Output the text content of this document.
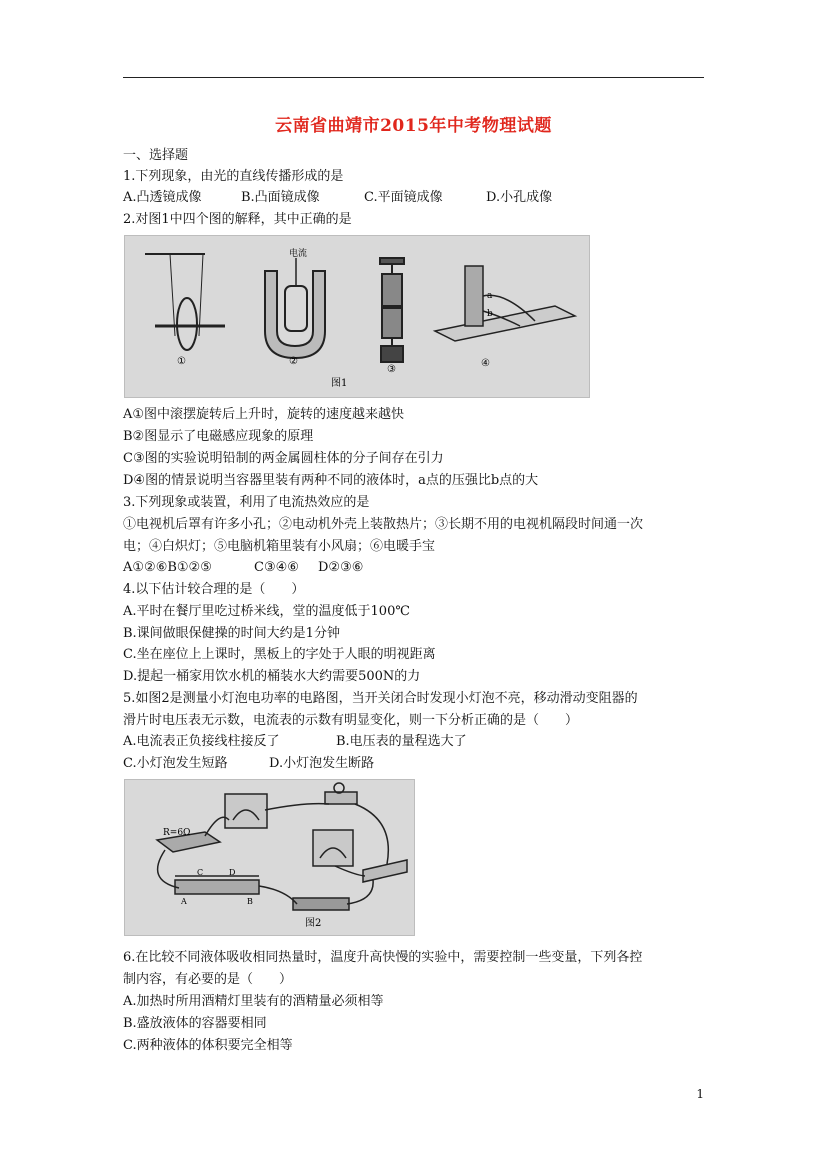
云南省曲靖市2015年中考物理试题
一、选择题
1.下列现象，由光的直线传播形成的是
A.凸透镜成像	B.凸面镜成像	C.平面镜成像	D.小孔成像
2.对图1中四个图的解释，其中正确的是
电流
a
b
①	②
③
④
图1
A①图中滚摆旋转后上升时，旋转的速度越来越快
B②图显示了电磁感应现象的原理
C③图的实验说明铅制的两金属圆柱体的分子间存在引力
D④图的情景说明当容器里装有两种不同的液体时，a点的压强比b点的大
3.下列现象或装置，利用了电流热效应的是
①电视机后罩有许多小孔；②电动机外壳上装散热片；③长期不用的电视机隔段时间通一次
电；④白炽灯；⑤电脑机箱里装有小风扇；⑥电暖手宝
A①②⑥B①②⑤	C③④⑥ D②③⑥
4.以下估计较合理的是（　　）
A.平时在餐厅里吃过桥米线，堂的温度低于100℃
B.课间做眼保健操的时间大约是1分钟
C.坐在座位上上课时，黑板上的字处于人眼的明视距离
D.提起一桶家用饮水机的桶装水大约需要500N的力
5.如图2是测量小灯泡电功率的电路图，当开关闭合时发现小灯泡不亮，移动滑动变阻器的
滑片时电压表无示数，电流表的示数有明显变化，则一下分析正确的是（　　）
A.电流表正负接线柱接反了	B.电压表的量程选大了
C.小灯泡发生短路	D.小灯泡发生断路
R=6Ω
C	D
A	B
图2
6.在比较不同液体吸收相同热量时，温度升高快慢的实验中，需要控制一些变量，下列各控
制内容，有必要的是（　　）
A.加热时所用酒精灯里装有的酒精量必须相等
B.盛放液体的容器要相同
C.两种液体的体积要完全相等
1
